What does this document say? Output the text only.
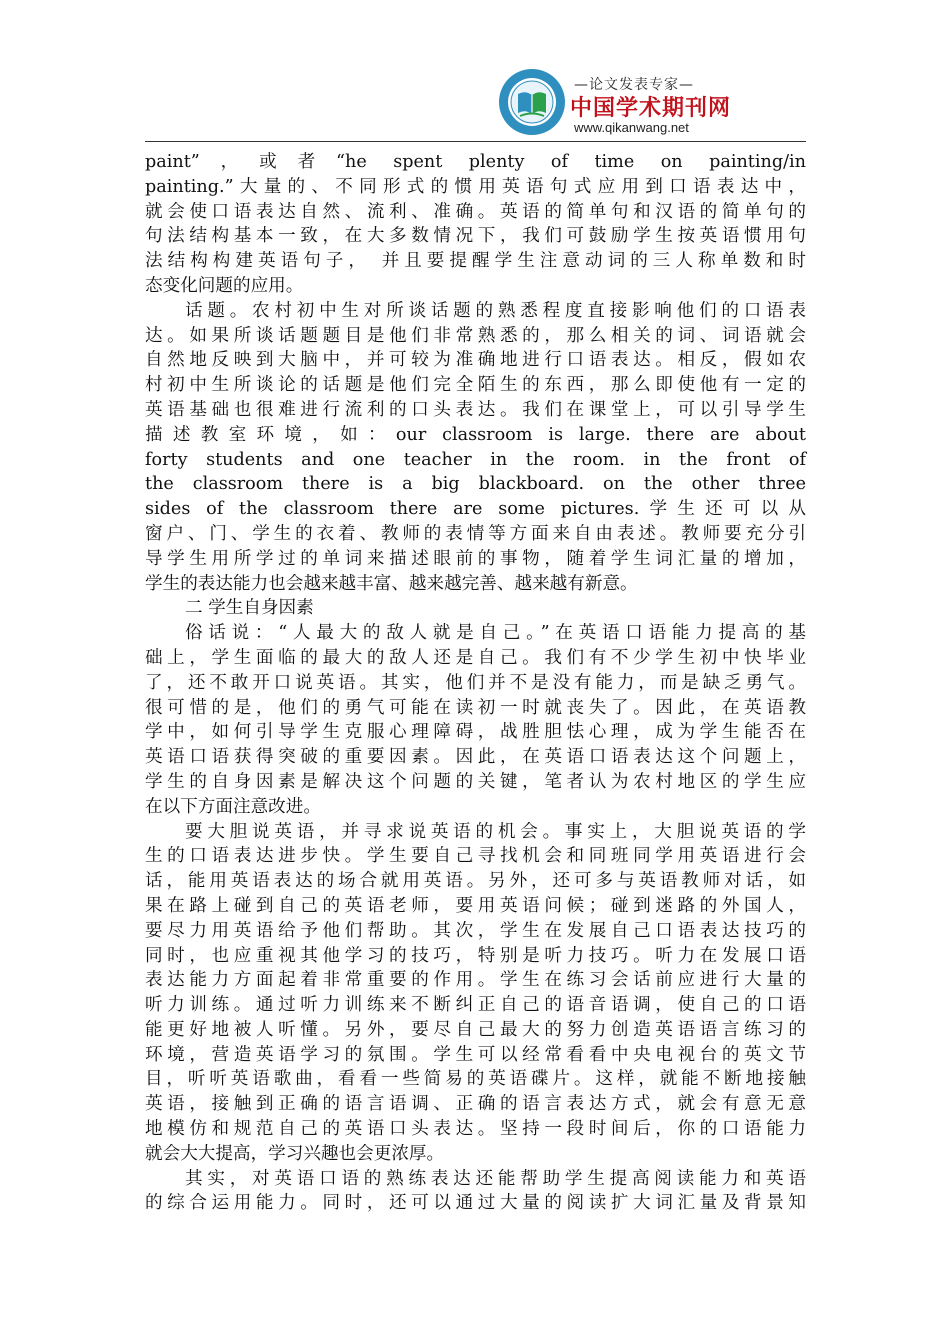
—论文发表专家—
中国学术期刊网
www.qikanwang.net
paint”，或者“he spent plenty of time on painting/in
painting.”大量的、不同形式的惯用英语句式应用到口语表达中，
就会使口语表达自然、流利、准确。英语的简单句和汉语的简单句的
句法结构基本一致，在大多数情况下，我们可鼓励学生按英语惯用句
法结构构建英语句子， 并且要提醒学生注意动词的三人称单数和时
态变化问题的应用。
话题。农村初中生对所谈话题的熟悉程度直接影响他们的口语表
达。如果所谈话题题目是他们非常熟悉的，那么相关的词、词语就会
自然地反映到大脑中，并可较为准确地进行口语表达。相反，假如农
村初中生所谈论的话题是他们完全陌生的东西，那么即使他有一定的
英语基础也很难进行流利的口头表达。我们在课堂上，可以引导学生
描述教室环境，如：our classroom is large. there are about
forty students and one teacher in the room. in the front of
the classroom there is a big blackboard. on the other three
sides of the classroom there are some pictures.学生还可以从
窗户、门、学生的衣着、教师的表情等方面来自由表述。教师要充分引
导学生用所学过的单词来描述眼前的事物，随着学生词汇量的增加，
学生的表达能力也会越来越丰富、越来越完善、越来越有新意。
二 学生自身因素
俗话说：“人最大的敌人就是自己。”在英语口语能力提高的基
础上，学生面临的最大的敌人还是自己。我们有不少学生初中快毕业
了，还不敢开口说英语。其实，他们并不是没有能力，而是缺乏勇气。
很可惜的是，他们的勇气可能在读初一时就丧失了。因此，在英语教
学中，如何引导学生克服心理障碍，战胜胆怯心理，成为学生能否在
英语口语获得突破的重要因素。因此，在英语口语表达这个问题上，
学生的自身因素是解决这个问题的关键，笔者认为农村地区的学生应
在以下方面注意改进。
要大胆说英语，并寻求说英语的机会。事实上，大胆说英语的学
生的口语表达进步快。学生要自己寻找机会和同班同学用英语进行会
话，能用英语表达的场合就用英语。另外，还可多与英语教师对话，如
果在路上碰到自己的英语老师，要用英语问候；碰到迷路的外国人，
要尽力用英语给予他们帮助。其次，学生在发展自己口语表达技巧的
同时，也应重视其他学习的技巧，特别是听力技巧。听力在发展口语
表达能力方面起着非常重要的作用。学生在练习会话前应进行大量的
听力训练。通过听力训练来不断纠正自己的语音语调，使自己的口语
能更好地被人听懂。另外，要尽自己最大的努力创造英语语言练习的
环境，营造英语学习的氛围。学生可以经常看看中央电视台的英文节
目，听听英语歌曲，看看一些简易的英语碟片。这样，就能不断地接触
英语，接触到正确的语言语调、正确的语言表达方式，就会有意无意
地模仿和规范自己的英语口头表达。坚持一段时间后，你的口语能力
就会大大提高，学习兴趣也会更浓厚。
其实，对英语口语的熟练表达还能帮助学生提高阅读能力和英语
的综合运用能力。同时，还可以通过大量的阅读扩大词汇量及背景知
